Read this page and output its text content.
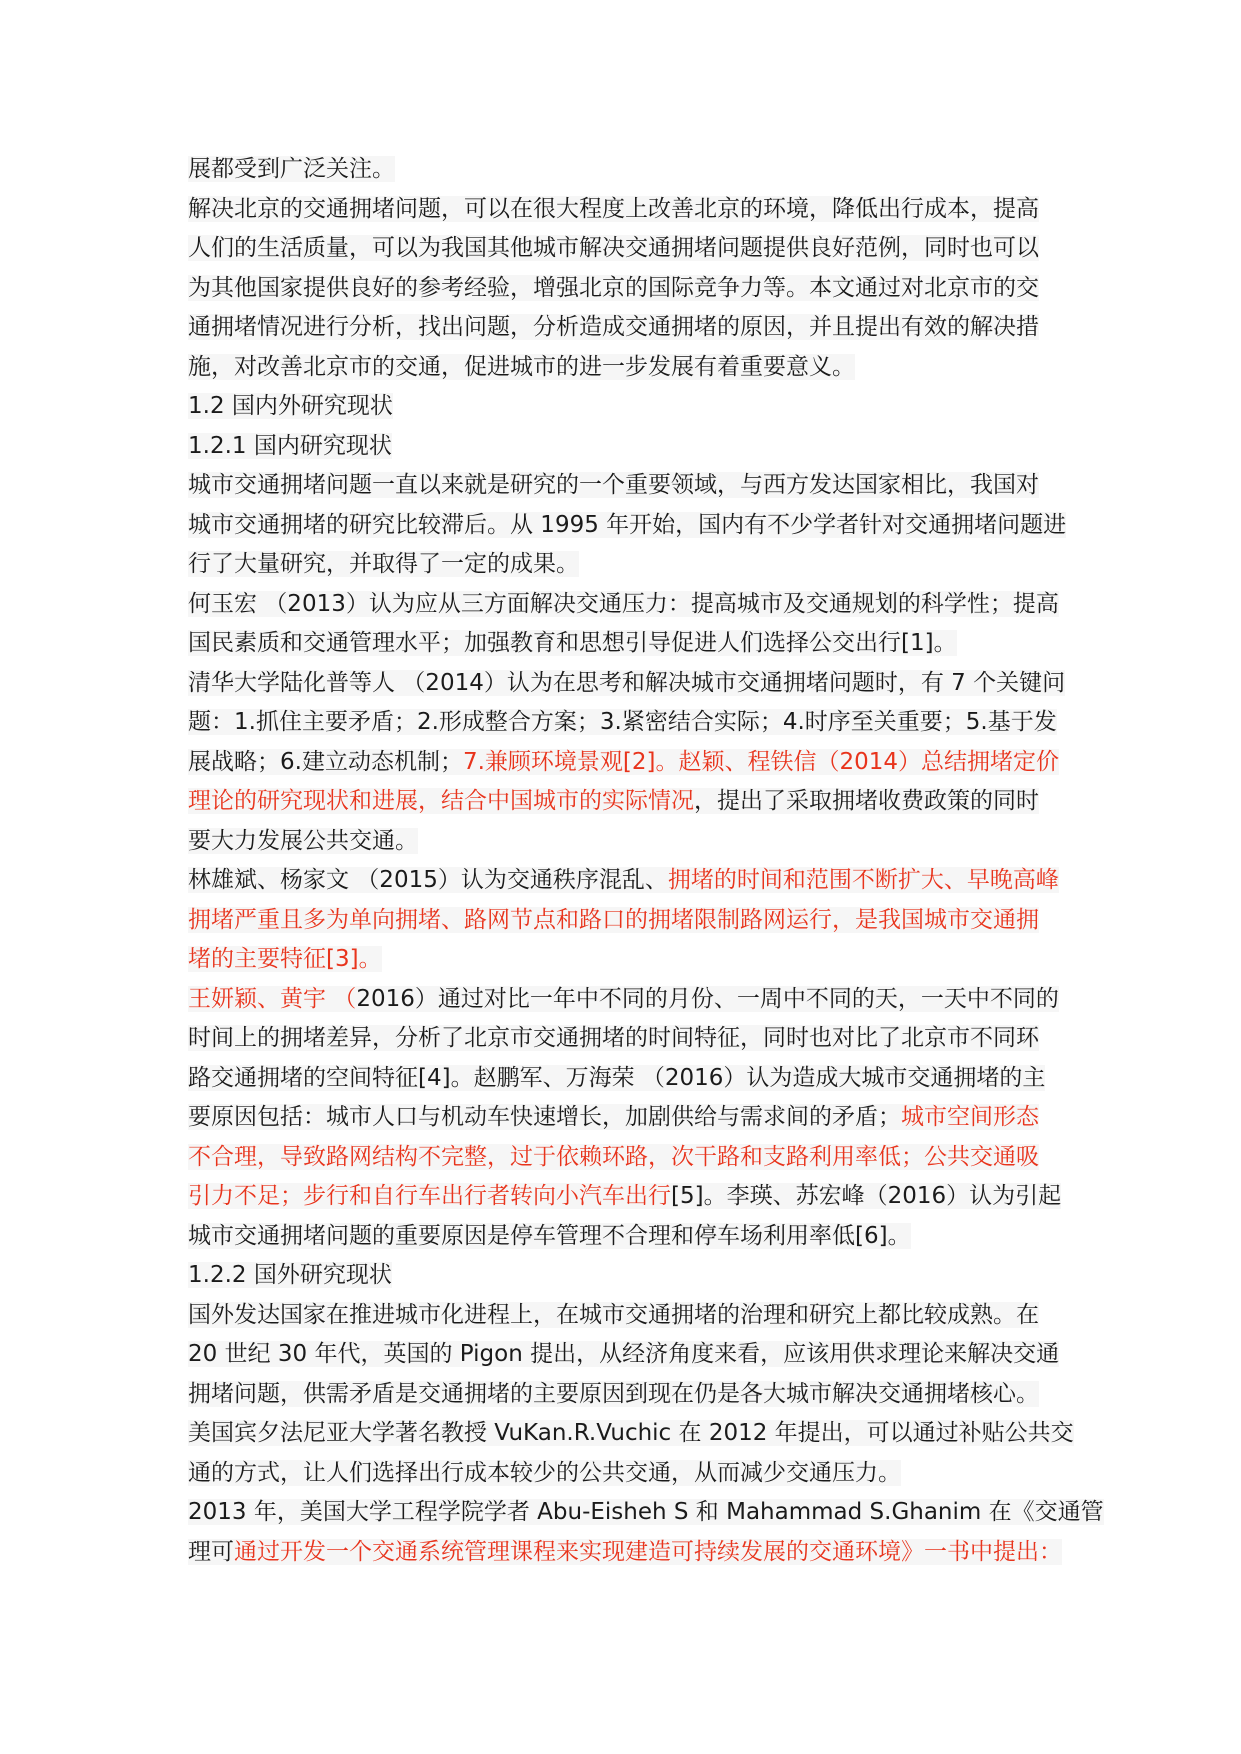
展都受到广泛关注。
解决北京的交通拥堵问题，可以在很大程度上改善北京的环境，降低出行成本，提高
人们的生活质量，可以为我国其他城市解决交通拥堵问题提供良好范例，同时也可以
为其他国家提供良好的参考经验，增强北京的国际竞争力等。本文通过对北京市的交
通拥堵情况进行分析，找出问题，分析造成交通拥堵的原因，并且提出有效的解决措
施，对改善北京市的交通，促进城市的进一步发展有着重要意义。
1.2 国内外研究现状
1.2.1 国内研究现状
城市交通拥堵问题一直以来就是研究的一个重要领域，与西方发达国家相比，我国对
城市交通拥堵的研究比较滞后。从 1995 年开始，国内有不少学者针对交通拥堵问题进
行了大量研究，并取得了一定的成果。
何玉宏 （2013）认为应从三方面解决交通压力：提高城市及交通规划的科学性；提高
国民素质和交通管理水平；加强教育和思想引导促进人们选择公交出行[1]。
清华大学陆化普等人 （2014）认为在思考和解决城市交通拥堵问题时，有 7 个关键问
题：1.抓住主要矛盾；2.形成整合方案；3.紧密结合实际；4.时序至关重要；5.基于发
展战略；6.建立动态机制；7.兼顾环境景观[2]。赵颖、程铁信（2014）总结拥堵定价
理论的研究现状和进展，结合中国城市的实际情况，提出了采取拥堵收费政策的同时
要大力发展公共交通。
林雄斌、杨家文 （2015）认为交通秩序混乱、拥堵的时间和范围不断扩大、早晚高峰
拥堵严重且多为单向拥堵、路网节点和路口的拥堵限制路网运行，是我国城市交通拥
堵的主要特征[3]。
王妍颖、黄宇 （2016）通过对比一年中不同的月份、一周中不同的天，一天中不同的
时间上的拥堵差异，分析了北京市交通拥堵的时间特征，同时也对比了北京市不同环
路交通拥堵的空间特征[4]。赵鹏军、万海荣 （2016）认为造成大城市交通拥堵的主
要原因包括：城市人口与机动车快速增长，加剧供给与需求间的矛盾；城市空间形态
不合理，导致路网结构不完整，过于依赖环路，次干路和支路利用率低；公共交通吸
引力不足；步行和自行车出行者转向小汽车出行[5]。李瑛、苏宏峰（2016）认为引起
城市交通拥堵问题的重要原因是停车管理不合理和停车场利用率低[6]。
1.2.2 国外研究现状
国外发达国家在推进城市化进程上，在城市交通拥堵的治理和研究上都比较成熟。在
20 世纪 30 年代，英国的 Pigon 提出，从经济角度来看，应该用供求理论来解决交通
拥堵问题，供需矛盾是交通拥堵的主要原因到现在仍是各大城市解决交通拥堵核心。
美国宾夕法尼亚大学著名教授 VuKan.R.Vuchic 在 2012 年提出，可以通过补贴公共交
通的方式，让人们选择出行成本较少的公共交通，从而减少交通压力。
2013 年，美国大学工程学院学者 Abu-Eisheh S 和 Mahammad S.Ghanim 在《交通管
理可通过开发一个交通系统管理课程来实现建造可持续发展的交通环境》一书中提出：
